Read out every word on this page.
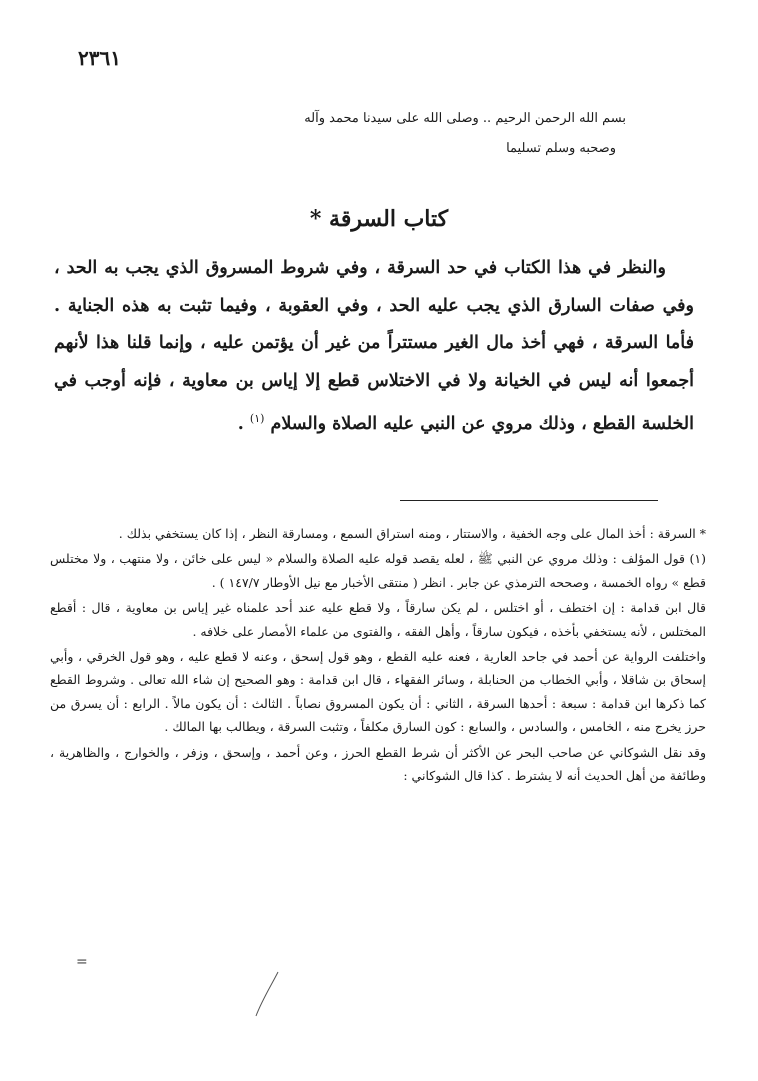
٢٣٦١
بسم الله الرحمن الرحيم .. وصلى الله على سيدنا محمد وآله
وصحبه وسلم تسليما
كتاب السرقة *
والنظر في هذا الكتاب في حد السرقة ، وفي شروط المسروق الذي يجب به الحد ، وفي صفات السارق الذي يجب عليه الحد ، وفي العقوبة ، وفيما تثبت به هذه الجناية . فأما السرقة ، فهي أخذ مال الغير مستتراً من غير أن يؤتمن عليه ، وإنما قلنا هذا لأنهم أجمعوا أنه ليس في الخيانة ولا في الاختلاس قطع إلا إياس بن معاوية ، فإنه أوجب في الخلسة القطع ، وذلك مروي عن النبي عليه الصلاة والسلام $^{(١)}$ .

* السرقة : أخذ المال على وجه الخفية ، والاستتار ، ومنه استراق السمع ، ومسارقة النظر ، إذا كان يستخفي بذلك .

(١) قول المؤلف : وذلك مروي عن النبي ﷺ ، لعله يقصد قوله عليه الصلاة والسلام « ليس على خائن ، ولا منتهب ، ولا مختلس قطع » رواه الخمسة ، وصححه الترمذي عن جابر . انظر ( منتقى الأخبار مع نيل الأوطار ١٤٧/٧ ) .

قال ابن قدامة : إن اختطف ، أو اختلس ، لم يكن سارقاً ، ولا قطع عليه عند أحد علمناه غير إياس بن معاوية ، قال : أقطع المختلس ، لأنه يستخفي بأخذه ، فيكون سارقاً ، وأهل الفقه ، والفتوى من علماء الأمصار على خلافه .

واختلفت الرواية عن أحمد في جاحد العارية ، فعنه عليه القطع ، وهو قول إسحق ، وعنه لا قطع عليه ، وهو قول الخرقي ، وأبي إسحاق بن شاقلا ، وأبي الخطاب من الحنابلة ، وسائر الفقهاء ، قال ابن قدامة : وهو الصحيح إن شاء الله تعالى . وشروط القطع كما ذكرها ابن قدامة : سبعة : أحدها السرقة ، الثاني : أن يكون المسروق نصاباً . الثالث : أن يكون مالاً . الرابع : أن يسرق من حرز يخرج منه ، الخامس ، والسادس ، والسابع : كون السارق مكلفاً ، وتثبت السرقة ، ويطالب بها المالك .

وقد نقل الشوكاني عن صاحب البحر عن الأكثر أن شرط القطع الحرز ، وعن أحمد ، وإسحق ، وزفر ، والخوارج ، والظاهرية ، وطائفة من أهل الحديث أنه لا يشترط . كذا قال الشوكاني :

=
